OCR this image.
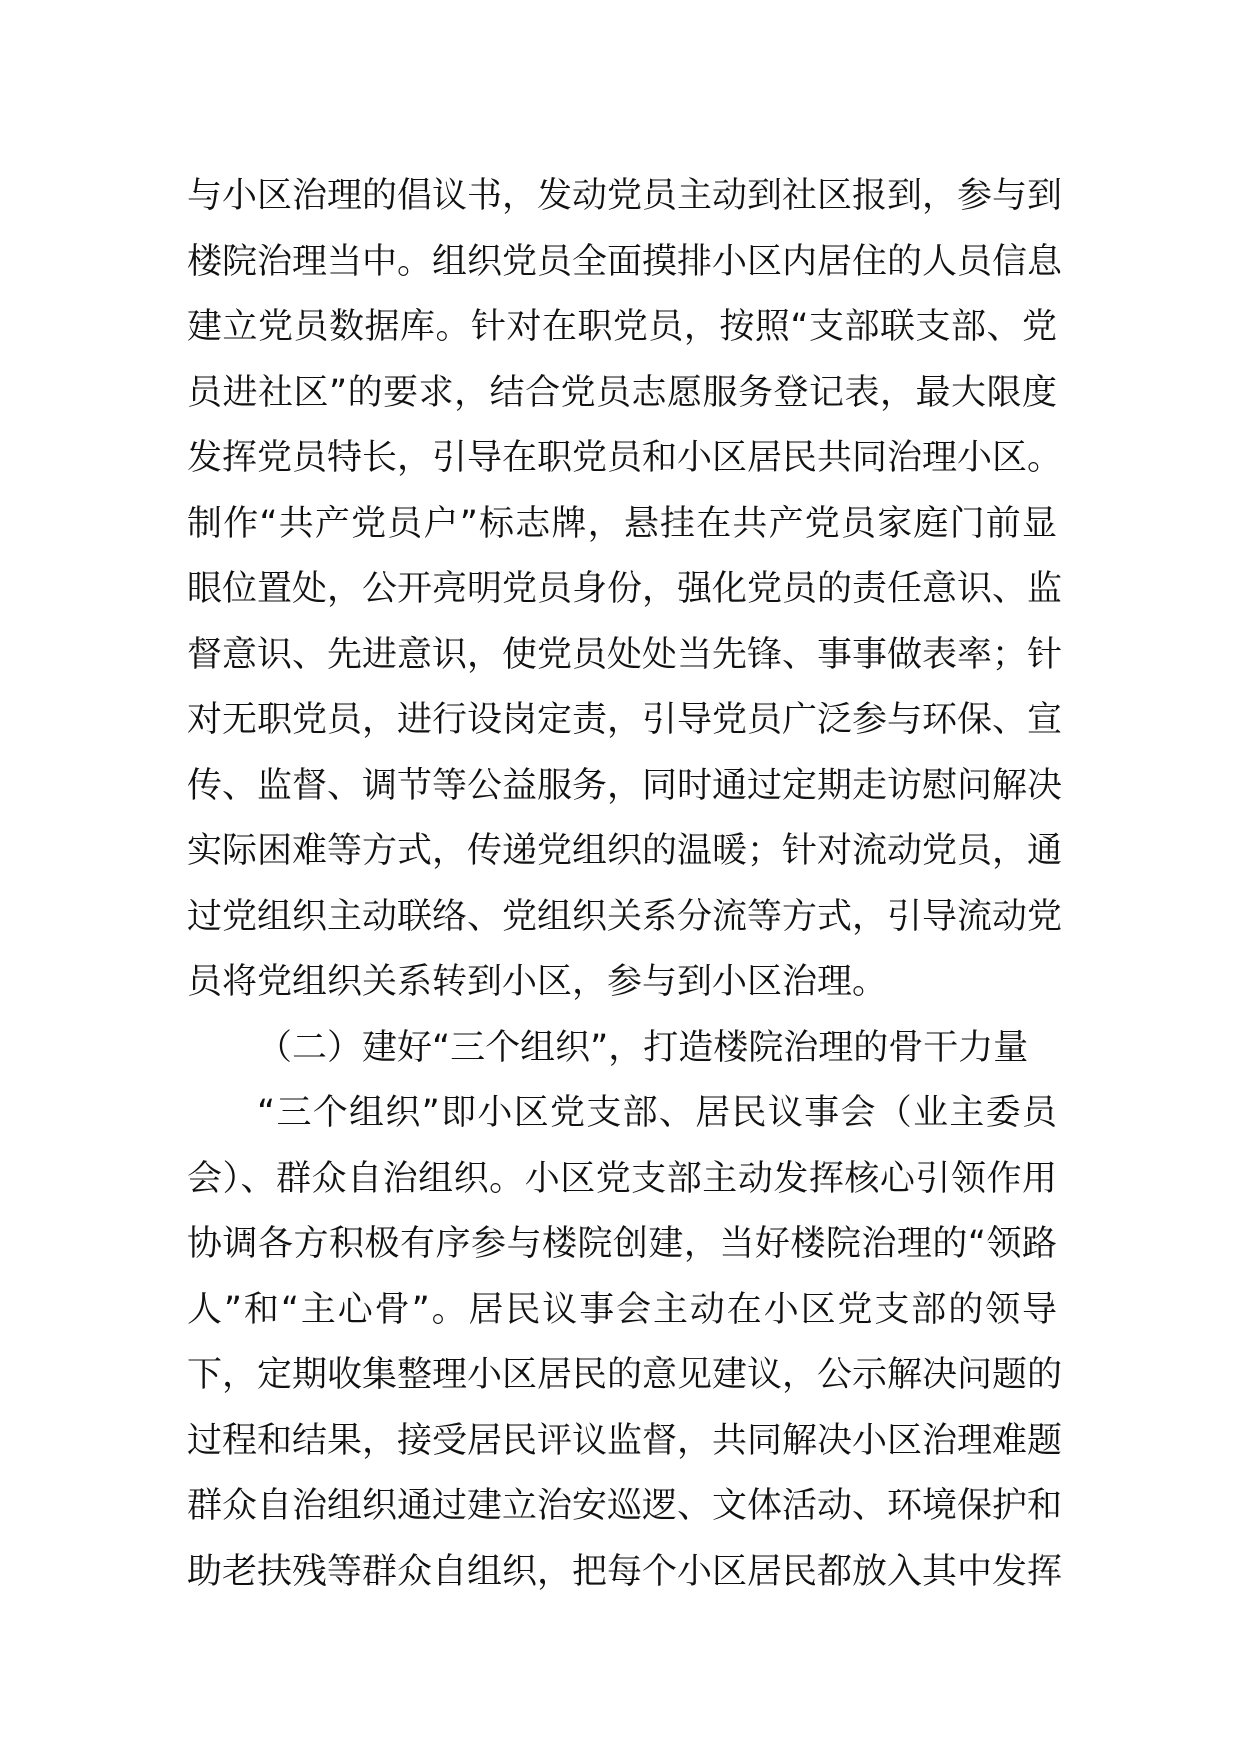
与小区治理的倡议书，发动党员主动到社区报到，参与到
楼院治理当中。组织党员全面摸排小区内居住的人员信息
建立党员数据库。针对在职党员，按照“支部联支部、党
员进社区”的要求，结合党员志愿服务登记表，最大限度
发挥党员特长，引导在职党员和小区居民共同治理小区。
制作“共产党员户”标志牌，悬挂在共产党员家庭门前显
眼位置处，公开亮明党员身份，强化党员的责任意识、监
督意识、先进意识，使党员处处当先锋、事事做表率；针
对无职党员，进行设岗定责，引导党员广泛参与环保、宣
传、监督、调节等公益服务，同时通过定期走访慰问解决
实际困难等方式，传递党组织的温暖；针对流动党员，通
过党组织主动联络、党组织关系分流等方式，引导流动党
员将党组织关系转到小区，参与到小区治理。
（二）建好“三个组织”，打造楼院治理的骨干力量
“三个组织”即小区党支部、居民议事会（业主委员
会）、群众自治组织。小区党支部主动发挥核心引领作用
协调各方积极有序参与楼院创建，当好楼院治理的“领路
人”和“主心骨”。居民议事会主动在小区党支部的领导
下，定期收集整理小区居民的意见建议，公示解决问题的
过程和结果，接受居民评议监督，共同解决小区治理难题
群众自治组织通过建立治安巡逻、文体活动、环境保护和
助老扶残等群众自组织，把每个小区居民都放入其中发挥
